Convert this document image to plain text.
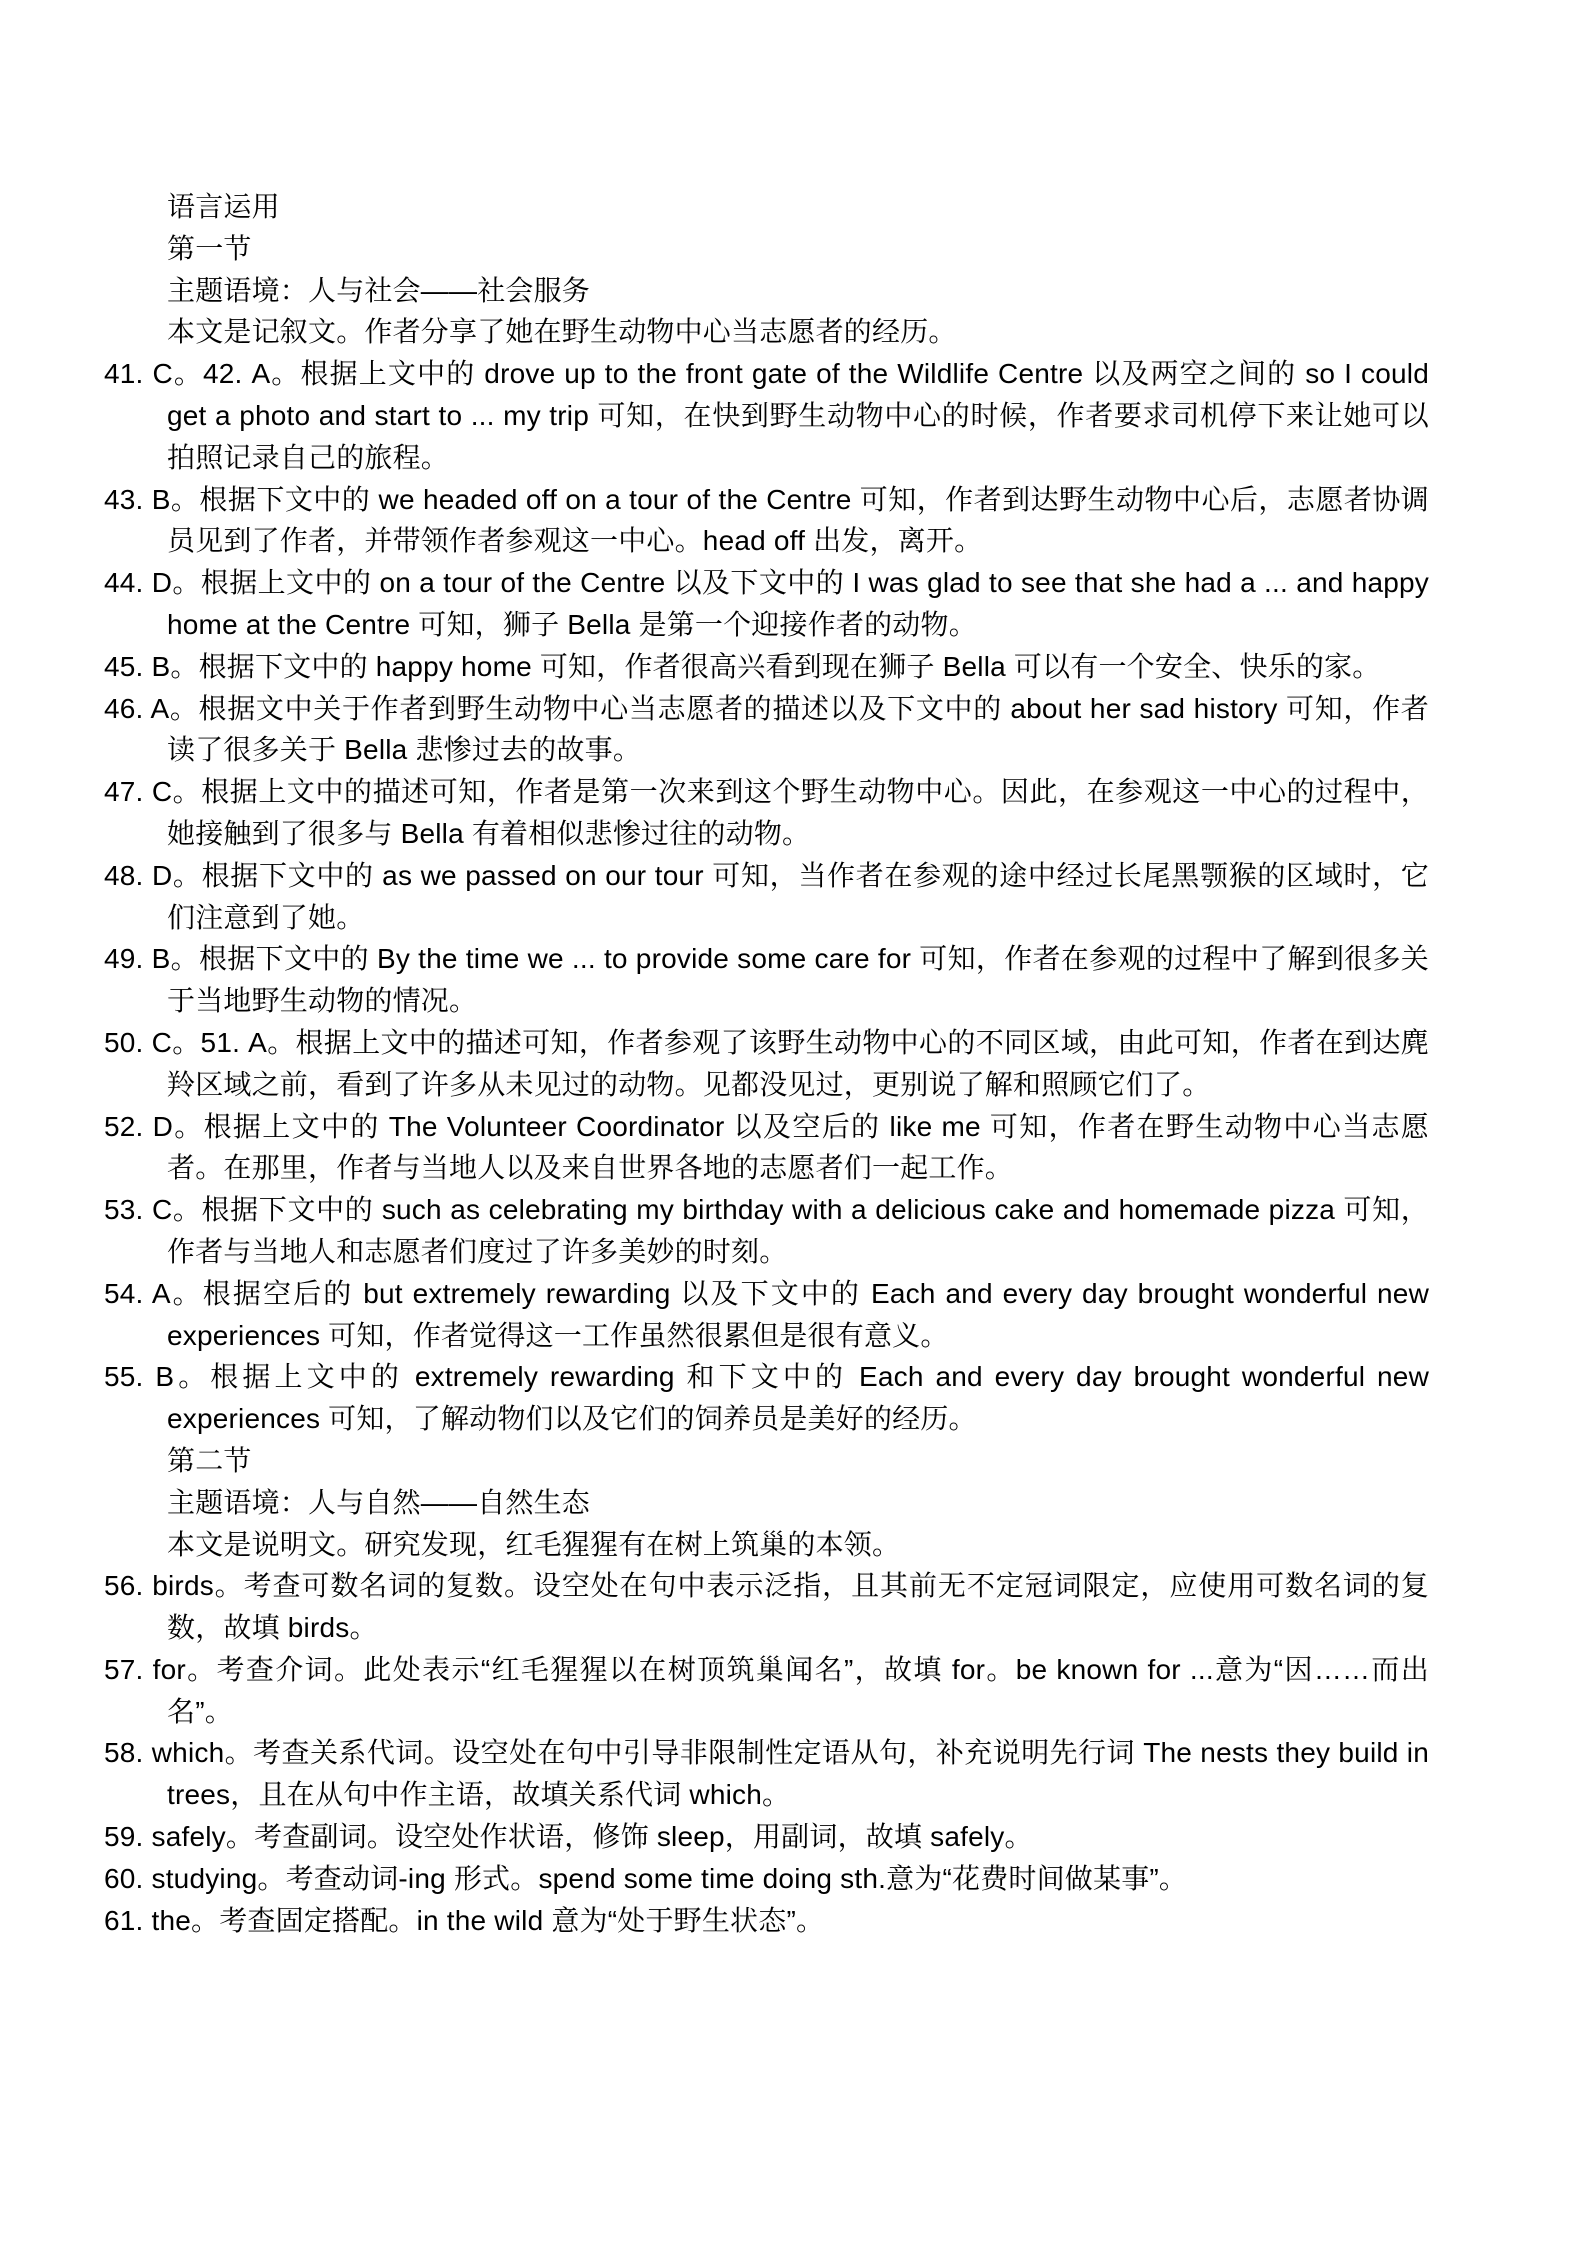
语言运用

第一节

主题语境：人与社会——社会服务

本文是记叙文。作者分享了她在野生动物中心当志愿者的经历。

41. C。42. A。根据上文中的 drove up to the front gate of the Wildlife Centre 以及两空之间的 so I could get a photo and start to ... my trip 可知，在快到野生动物中心的时候，作者要求司机停下来让她可以拍照记录自己的旅程。

43. B。根据下文中的 we headed off on a tour of the Centre 可知，作者到达野生动物中心后，志愿者协调员见到了作者，并带领作者参观这一中心。head off 出发，离开。

44. D。根据上文中的 on a tour of the Centre 以及下文中的 I was glad to see that she had a ... and happy home at the Centre 可知，狮子 Bella 是第一个迎接作者的动物。

45. B。根据下文中的 happy home 可知，作者很高兴看到现在狮子 Bella 可以有一个安全、快乐的家。

46. A。根据文中关于作者到野生动物中心当志愿者的描述以及下文中的 about her sad history 可知，作者读了很多关于 Bella 悲惨过去的故事。

47. C。根据上文中的描述可知，作者是第一次来到这个野生动物中心。因此，在参观这一中心的过程中，她接触到了很多与 Bella 有着相似悲惨过往的动物。

48. D。根据下文中的 as we passed on our tour 可知，当作者在参观的途中经过长尾黑颚猴的区域时，它们注意到了她。

49. B。根据下文中的 By the time we ... to provide some care for 可知，作者在参观的过程中了解到很多关于当地野生动物的情况。

50. C。51. A。根据上文中的描述可知，作者参观了该野生动物中心的不同区域，由此可知，作者在到达麂羚区域之前，看到了许多从未见过的动物。见都没见过，更别说了解和照顾它们了。

52. D。根据上文中的 The Volunteer Coordinator 以及空后的 like me 可知，作者在野生动物中心当志愿者。在那里，作者与当地人以及来自世界各地的志愿者们一起工作。

53. C。根据下文中的 such as celebrating my birthday with a delicious cake and homemade pizza 可知，作者与当地人和志愿者们度过了许多美妙的时刻。

54. A。根据空后的 but extremely rewarding 以及下文中的 Each and every day brought wonderful new experiences 可知，作者觉得这一工作虽然很累但是很有意义。

55. B。根据上文中的 extremely rewarding 和下文中的 Each and every day brought wonderful new experiences 可知，了解动物们以及它们的饲养员是美好的经历。

第二节

主题语境：人与自然——自然生态

本文是说明文。研究发现，红毛猩猩有在树上筑巢的本领。

56. birds。考查可数名词的复数。设空处在句中表示泛指，且其前无不定冠词限定，应使用可数名词的复数，故填 birds。

57. for。考查介词。此处表示“红毛猩猩以在树顶筑巢闻名”，故填 for。be known for ...意为“因……而出名”。

58. which。考查关系代词。设空处在句中引导非限制性定语从句，补充说明先行词 The nests they build in trees，且在从句中作主语，故填关系代词 which。

59. safely。考查副词。设空处作状语，修饰 sleep，用副词，故填 safely。

60. studying。考查动词-ing 形式。spend some time doing sth.意为“花费时间做某事”。

61. the。考查固定搭配。in the wild 意为“处于野生状态”。
